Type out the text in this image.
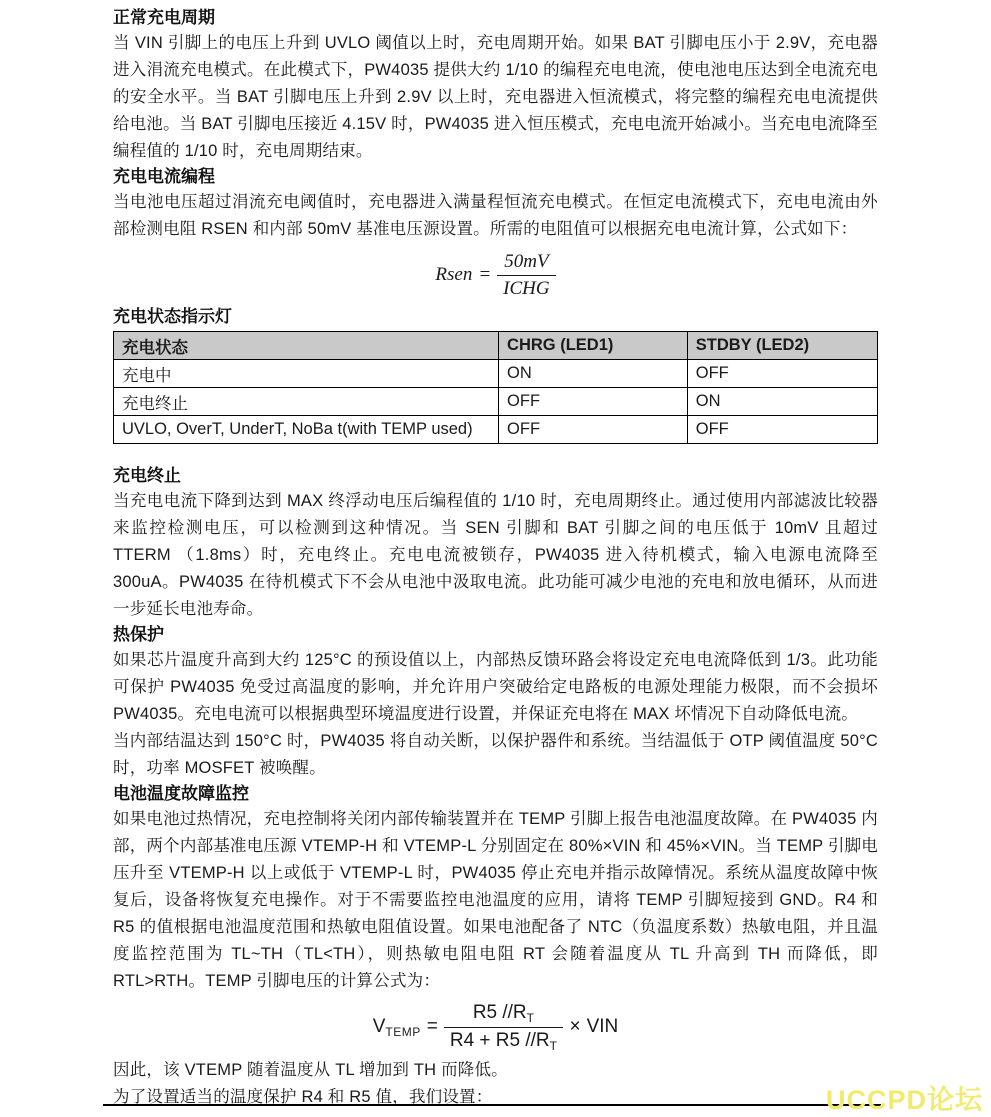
正常充电周期

当 VIN 引脚上的电压上升到 UVLO 阈值以上时，充电周期开始。如果 BAT 引脚电压小于 2.9V，充电器进入涓流充电模式。在此模式下，PW4035 提供大约 1/10 的编程充电电流，使电池电压达到全电流充电的安全水平。当 BAT 引脚电压上升到 2.9V 以上时，充电器进入恒流模式，将完整的编程充电电流提供给电池。当 BAT 引脚电压接近 4.15V 时，PW4035 进入恒压模式，充电电流开始减小。当充电电流降至编程值的 1/10 时，充电周期结束。

充电电流编程

当电池电压超过涓流充电阈值时，充电器进入满量程恒流充电模式。在恒定电流模式下，充电电流由外部检测电阻 RSEN 和内部 50mV 基准电压源设置。所需的电阻值可以根据充电电流计算，公式如下：

Rsen = $\frac{50mV}{\text{ICHG}}$
充电状态指示灯
充电状态	CHRG (LED1)	STDBY (LED2)
充电中	ON	OFF
充电终止	OFF	ON
UVLO, OverT, UnderT, NoBa t(with TEMP used)	OFF	OFF
充电终止

当充电电流下降到达到 MAX 终浮动电压后编程值的 1/10 时，充电周期终止。通过使用内部滤波比较器来监控检测电压，可以检测到这种情况。当 SEN 引脚和 BAT 引脚之间的电压低于 10mV 且超过 TTERM （1.8ms）时，充电终止。充电电流被锁存，PW4035 进入待机模式，输入电源电流降至 300uA。PW4035 在待机模式下不会从电池中汲取电流。此功能可减少电池的充电和放电循环，从而进一步延长电池寿命。

热保护

如果芯片温度升高到大约 125°C 的预设值以上，内部热反馈环路会将设定充电电流降低到 1/3。此功能可保护 PW4035 免受过高温度的影响，并允许用户突破给定电路板的电源处理能力极限，而不会损坏 PW4035。充电电流可以根据典型环境温度进行设置，并保证充电将在 MAX 坏情况下自动降低电流。

当内部结温达到 150°C 时，PW4035 将自动关断，以保护器件和系统。当结温低于 OTP 阈值温度 50°C 时，功率 MOSFET 被唤醒。

电池温度故障监控

如果电池过热情况，充电控制将关闭内部传输装置并在 TEMP 引脚上报告电池温度故障。在 PW4035 内部，两个内部基准电压源 VTEMP-H 和 VTEMP-L 分别固定在 80%×VIN 和 45%×VIN。当 TEMP 引脚电压升至 VTEMP-H 以上或低于 VTEMP-L 时，PW4035 停止充电并指示故障情况。系统从温度故障中恢复后，设备将恢复充电操作。对于不需要监控电池温度的应用，请将 TEMP 引脚短接到 GND。R4 和 R5 的值根据电池温度范围和热敏电阻值设置。如果电池配备了 NTC（负温度系数）热敏电阻，并且温度监控范围为 TL~TH（TL<TH），则热敏电阻电阻 RT 会随着温度从 TL 升高到 TH 而降低，即 RTL>RTH。TEMP 引脚电压的计算公式为：

$V_{TEMP} = \frac{R5 //R_T}{R4 + R5 //R_T}$ × VIN

因此，该 VTEMP 随着温度从 TL 增加到 TH 而降低。

为了设置适当的温度保护 R4 和 R5 值，我们设置：	UCCPD论坛
